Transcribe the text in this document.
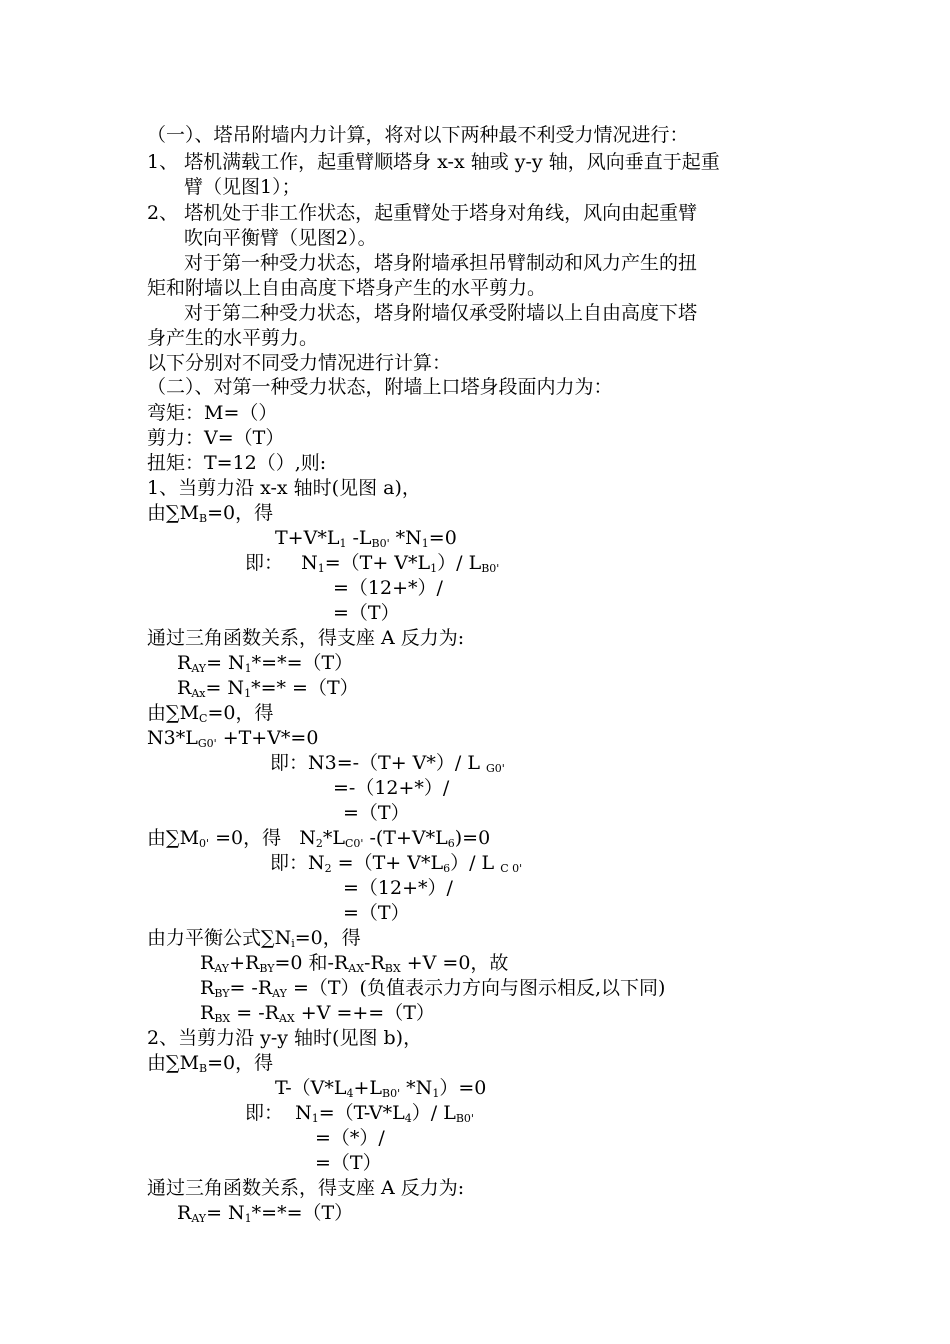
（一）、塔吊附墙内力计算，将对以下两种最不利受力情况进行：
1、 塔机满载工作，起重臂顺塔身 x-x 轴或 y-y 轴，风向垂直于起重
臂（见图1）；
2、 塔机处于非工作状态，起重臂处于塔身对角线，风向由起重臂
吹向平衡臂（见图2）。
对于第一种受力状态，塔身附墙承担吊臂制动和风力产生的扭
矩和附墙以上自由高度下塔身产生的水平剪力。
对于第二种受力状态，塔身附墙仅承受附墙以上自由高度下塔
身产生的水平剪力。
以下分别对不同受力情况进行计算：
（二）、对第一种受力状态，附墙上口塔身段面内力为：
弯矩：M=（）
剪力：V=（T）
扭矩：T=12（）,则:
1、当剪力沿 x-x 轴时(见图 a)，
由$\sum M_B=0$，得
$T+V*L_1$ $-L_{B0'}$ $*N_1=0$
即：   $N_1=(T+ V*L_1)/$ $L_{B0'}$
=（12+*）/
=（T）
通过三角函数关系，得支座 A 反力为:
$R_{AY}= N_1*=*=(T)$
$R_{Ax}= N_1*=* =(T)$
由$\sum M_C=0$，得
$N3*L_{G0'} +T+V*=0$
即：N3=-（T+ V*）/ L $_{G0'}$
=-（12+*）/
=（T）
由$\sum M_{0'} =0$，得   $N_2*L_{C0'}$ $-(T+V*L_6)=0$
即：$N_2 =(T+ V*L_6)/$ L $_{C 0'}$
=（12+*）/
=（T）
由力平衡公式$\sum N_i=0$，得
$R_{AY}+R_{BY}=0$ 和$-R_{AX}-R_{BX} +V =0$，故
$R_{BY}= -R_{AY} =(T)$(负值表示力方向与图示相反,以下同)
$R_{BX} = -R_{AX} +V =+=(T)$
2、当剪力沿 y-y 轴时(见图 b)，
由$\sum M_B=0$，得
$T-(V*L_4+L_{B0'}$ $*N_1)=0$
即：  $N_1=(T-V*L_4)/$ $L_{B0'}$
=（*）/
=（T）
通过三角函数关系，得支座 A 反力为:
$R_{AY}= N_1*=*=(T)$
